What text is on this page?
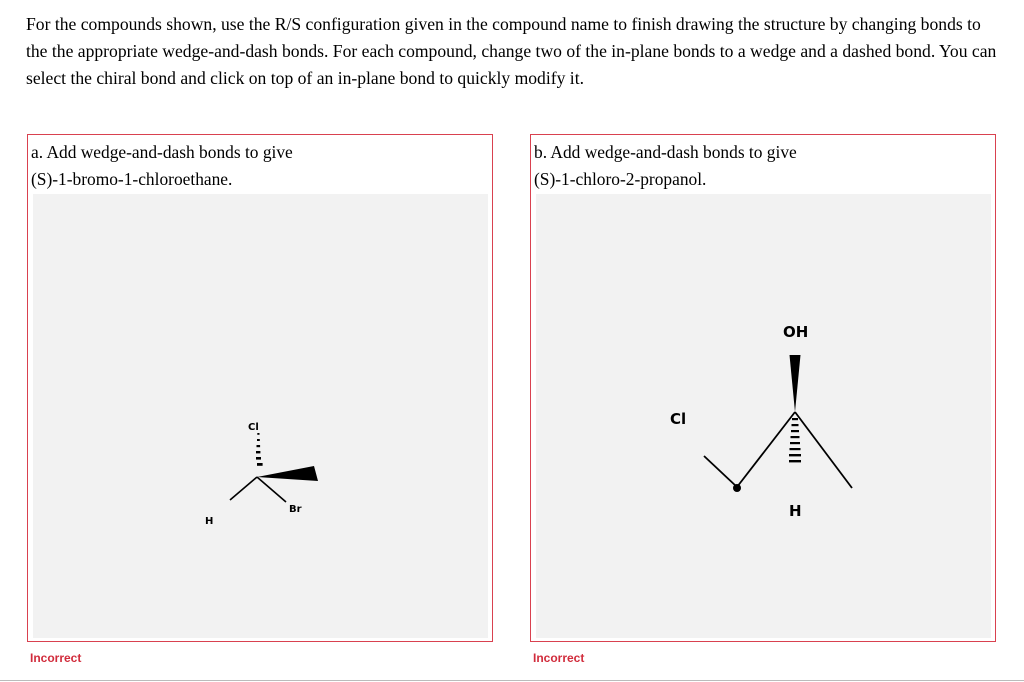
For the compounds shown, use the R/S configuration given in the compound name to finish drawing the structure by changing bonds to the the appropriate wedge-and-dash bonds. For each compound, change two of the in-plane bonds to a wedge and a dashed bond. You can select the chiral bond and click on top of an in-plane bond to quickly modify it.

a. Add wedge-and-dash bonds to give
(S)-1-bromo-1-chloroethane.
Cl
Br
H
b. Add wedge-and-dash bonds to give
(S)-1-chloro-2-propanol.
OH
Cl
H
Incorrect	Incorrect
